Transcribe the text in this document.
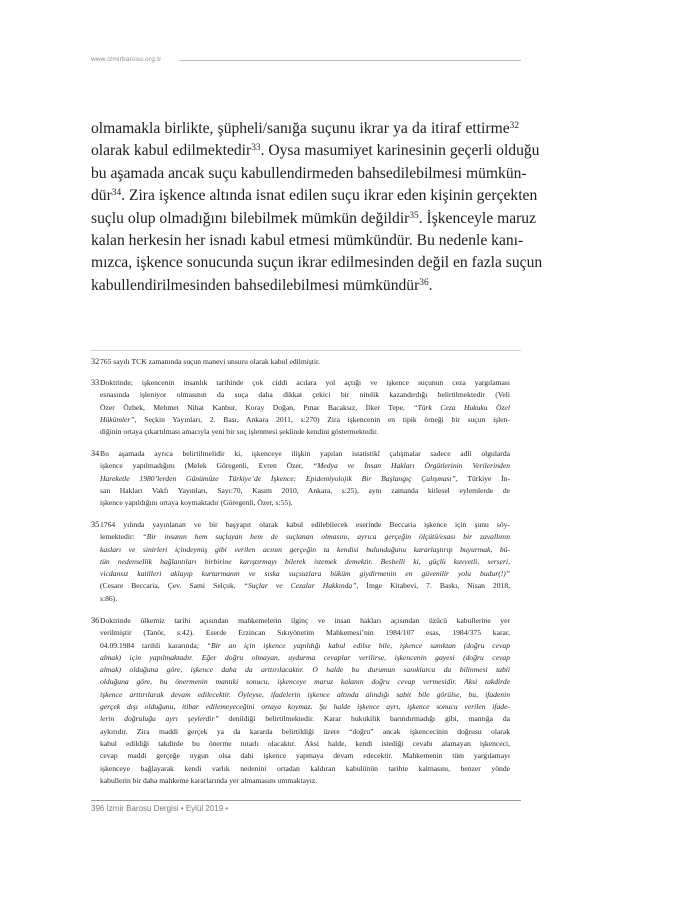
www.izmirbarosu.org.tr
olmamakla birlikte, şüpheli/sanığa suçunu ikrar ya da itiraf ettirme$^{32}$
olarak kabul edilmektedir$^{33}$. Oysa masumiyet karinesinin geçerli olduğu
bu aşamada ancak suçu kabullendirmeden bahsedilebilmesi mümkün-
dür$^{34}$. Zira işkence altında isnat edilen suçu ikrar eden kişinin gerçekten
suçlu olup olmadığını bilebilmek mümkün değildir$^{35}$. İşkenceyle maruz
kalan herkesin her isnadı kabul etmesi mümkündür. Bu nedenle kanı-
mızca, işkence sonucunda suçun ikrar edilmesinden değil en fazla suçun
kabullendirilmesinden bahsedilebilmesi mümkündür$^{36}$.
32 765 sayılı TCK zamanında suçun manevi unsuru olarak kabul edilmiştir.
33 Doktrinde; işkencenin insanlık tarihinde çok ciddi acılara yol açtığı ve işkence suçunun ceza yargılaması
esnasında işleniyor olmasının da suça daha dikkat çekici bir nitelik kazandırdığı belirtilmektedir (Veli
Özer Özbek, Mehmet Nihat Kanbur, Koray Doğan, Pınar Bacaksız, İlker Tepe, “Türk Ceza Hukuku Özel
Hükümler”, Seçkin Yayınları, 2. Bası, Ankara 2011, s:270) Zira işkencenin en tipik örneği bir suçun işlen-
diğinin ortaya çıkartılması amacıyla yeni bir suç işlenmesi şeklinde kendini göstermektedir.
34 Bu aşamada ayrıca belirtilmelidir ki, işkenceye ilişkin yapılan istatistikî çalışmalar sadece adli olgularda
işkence yapılmadığını (Melek Göregenli, Evren Özer, “Medya ve İnsan Hakları Örgütlerinin Verilerinden
Hareketle 1980’lerden Günümüze Türkiye’de İşkence: Epidemiyolojik Bir Başlangıç Çalışması”, Türkiye İn-
san Hakları Vakfı Yayınları, Sayı:70, Kasım 2010, Ankara, s:25), aynı zamanda kitlesel eylemlerde de
işkence yapıldığını ortaya koymaktadır (Göregenli, Özer, s:55).
35 1764 yılında yayınlanan ve bir başyapıt olarak kabul edilebilecek eserinde Beccaria işkence için şunu söy-
lemektedir: “Bir insanın hem suçlayan hem de suçlanan olmasını, ayrıca gerçeğin ölçütü/esası bir zavallının
kasları ve sinirleri içindeymiş gibi verilen acının gerçeğin ta kendisi bulunduğunu kararlaştırıp buyurmak, bü-
tün nedensellik bağlantıları birbirine karıştırmayı bilerek istemek demektir. Besbelli ki, güçlü kuvvetli, serseri,
vicdansız katilleri aklayıp kurtarmanın ve sıska suçsuzlara hüküm giydirmenin en güvenilir yolu budur(!)”
(Cesare Beccaria, Çev. Sami Selçuk, “Suçlar ve Cezalar Hakkında”, İmge Kitabevi, 7. Baskı, Nisan 2018,
s:86).
36 Doktrinde ülkemiz tarihi açısından mahkemelerin ilginç ve insan hakları açısından üzücü kabullerine yer
verilmiştir (Tanör, s:42). Eserde Erzincan Sıkıyönetim Mahkemesi’nin 1984/107 esas, 1984/375 karar,
04.09.1984 tarihli kararında; “Bir an için işkence yapıldığı kabul edilse bile, işkence sanıktan (doğru cevap
almak) için yapılmaktadır. Eğer doğru olmayan, uydurma cevaplar verilirse, işkencenin gayesi (doğru cevap
almak) olduğuna göre, işkence daha da arttırılacaktır. O halde bu durumun sanıklarca da bilinmesi tabii
olduğuna göre, bu önermenin mantıki sonucu, işkenceye maruz kalanın doğru cevap vermesidir. Aksi takdirde
işkence arttırılarak devam edilecektir. Öyleyse, ifadelerin işkence altında alındığı sabit bile görülse, bu, ifadenin
gerçek dışı olduğunu, itibar edilemeyeceğini ortaya koymaz. Şu halde işkence ayrı, işkence sonucu verilen ifade-
lerin doğruluğu ayrı şeylerdir” denildiği belirtilmektedir. Karar hukukilik barındırmadığı gibi, mantığa da
aykırıdır. Zira maddi gerçek ya da kararda belirtildiği üzere “doğru” ancak işkencecinin doğrusu olarak
kabul edildiği takdirde bu önerme tutarlı olacaktır. Aksi halde, kendi istediği cevabı alamayan işkenceci,
cevap maddi gerçeğe uygun olsa dahi işkence yapmaya devam edecektir. Mahkemenin tüm yargılamayı
işkenceye bağlayarak kendi varlık nedenini ortadan kaldıran kabulünün tarihte kalmasını, benzer yönde
kabullerin bir daha mahkeme kararlarında yer almamasını ummaktayız.
396 İzmir Barosu Dergisi • Eylül 2019 •
